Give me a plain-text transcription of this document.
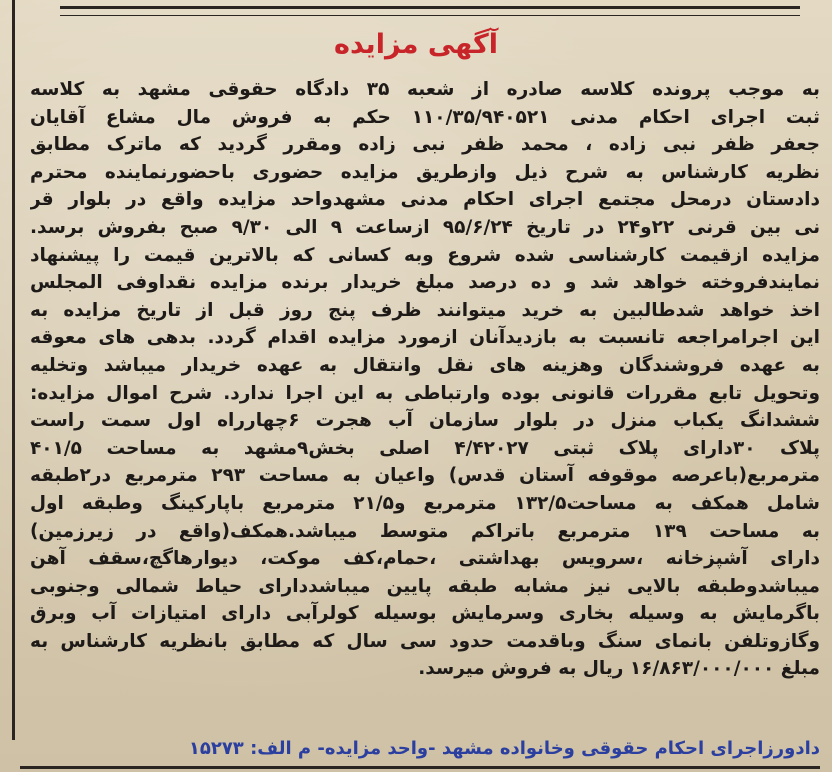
آگهی مزایده
به موجب پرونده کلاسه صادره از شعبه ۳۵ دادگاه حقوقی مشهد به کلاسه
ثبت اجرای احکام مدنی ۱۱۰/۳۵/۹۴۰۵۲۱ حکم به فروش مال مشاع آقایان
جعفر ظفر نبی زاده ، محمد ظفر نبی زاده ومقرر گردید که ماترک مطابق
نظریه کارشناس به شرح ذیل وازطریق مزایده حضوری باحضورنماینده محترم
دادستان درمحل مجتمع اجرای احکام مدنی مشهدواحد مزایده واقع در بلوار قر
نی بین قرنی ۲۲و۲۴ در تاریخ ۹۵/۶/۲۴ ازساعت ۹ الی ۹/۳۰ صبح بفروش برسد.
مزایده ازقیمت کارشناسی شده شروع وبه کسانی که بالاترین قیمت را پیشنهاد
نمایندفروخته خواهد شد و ده درصد مبلغ خریدار برنده مزایده نقداوفی المجلس
اخذ خواهد شدطالبین به خرید میتوانند ظرف پنج روز قبل از تاریخ مزایده به
این اجرامراجعه تانسبت به بازدیدآنان ازمورد مزایده اقدام گردد. بدهی های معوقه
به عهده فروشندگان وهزینه های نقل وانتقال به عهده خریدار میباشد وتخلیه
وتحویل تابع مقررات قانونی بوده وارتباطی به این اجرا ندارد. شرح اموال مزایده:
ششدانگ یکباب منزل در بلوار سازمان آب هجرت ۶چهارراه اول سمت راست
پلاک ۳۰دارای پلاک ثبتی ۴/۴۲۰۲۷ اصلی بخش۹مشهد به مساحت ۴۰۱/۵
مترمربع(باعرصه موقوفه آستان قدس) واعیان به مساحت ۲۹۳ مترمربع در۲طبقه
شامل همکف به مساحت۱۳۲/۵ مترمربع و۲۱/۵ مترمربع باپارکینگ وطبقه اول
به مساحت ۱۳۹ مترمربع باتراکم متوسط میباشد.همکف(واقع در زیرزمین)
دارای آشپزخانه ،سرویس بهداشتی ،حمام،کف موکت، دیوارهاگچ،سقف آهن
میباشدوطبقه بالایی نیز مشابه طبقه پایین میباشددارای حیاط شمالی وجنوبی
باگرمایش به وسیله بخاری وسرمایش بوسیله کولرآبی دارای امتیازات آب وبرق
وگازوتلفن بانمای سنگ وباقدمت حدود سی سال که مطابق بانظریه کارشناس به
مبلغ ۱۶/۸۶۳/۰۰۰/۰۰۰ ریال به فروش میرسد.
دادورزاجرای احکام حقوقی وخانواده مشهد -واحد مزایده- م الف: ۱۵۲۷۳
